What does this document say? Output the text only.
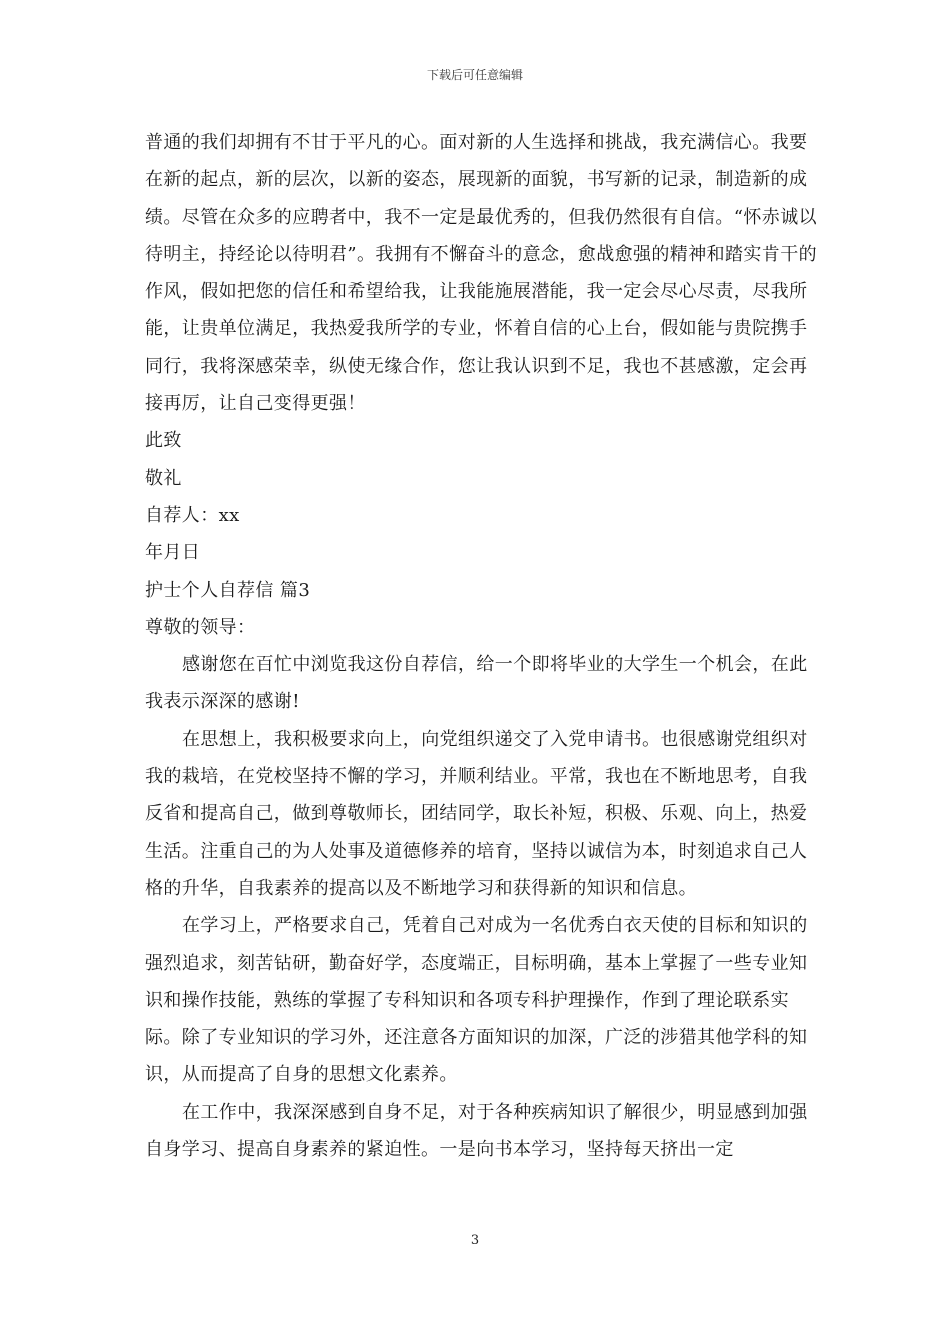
下载后可任意编辑

普通的我们却拥有不甘于平凡的心。面对新的人生选择和挑战，我充满信心。我要在新的起点，新的层次，以新的姿态，展现新的面貌，书写新的记录，制造新的成绩。尽管在众多的应聘者中，我不一定是最优秀的，但我仍然很有自信。“怀赤诚以待明主，持经论以待明君”。我拥有不懈奋斗的意念，愈战愈强的精神和踏实肯干的作风，假如把您的信任和希望给我，让我能施展潜能，我一定会尽心尽责，尽我所能，让贵单位满足，我热爱我所学的专业，怀着自信的心上台，假如能与贵院携手同行，我将深感荣幸，纵使无缘合作，您让我认识到不足，我也不甚感激，定会再接再厉，让自己变得更强！

此致

敬礼

自荐人：xx

年月日

护士个人自荐信 篇3

尊敬的领导：

感谢您在百忙中浏览我这份自荐信，给一个即将毕业的大学生一个机会，在此我表示深深的感谢!

在思想上，我积极要求向上，向党组织递交了入党申请书。也很感谢党组织对我的栽培，在党校坚持不懈的学习，并顺利结业。平常，我也在不断地思考，自我反省和提高自己，做到尊敬师长，团结同学，取长补短，积极、乐观、向上，热爱生活。注重自己的为人处事及道德修养的培育，坚持以诚信为本，时刻追求自己人格的升华，自我素养的提高以及不断地学习和获得新的知识和信息。

在学习上，严格要求自己，凭着自己对成为一名优秀白衣天使的目标和知识的强烈追求，刻苦钻研，勤奋好学，态度端正，目标明确，基本上掌握了一些专业知识和操作技能，熟练的掌握了专科知识和各项专科护理操作，作到了理论联系实际。除了专业知识的学习外，还注意各方面知识的加深，广泛的涉猎其他学科的知识，从而提高了自身的思想文化素养。

在工作中，我深深感到自身不足，对于各种疾病知识了解很少，明显感到加强自身学习、提高自身素养的紧迫性。一是向书本学习，坚持每天挤出一定

3
